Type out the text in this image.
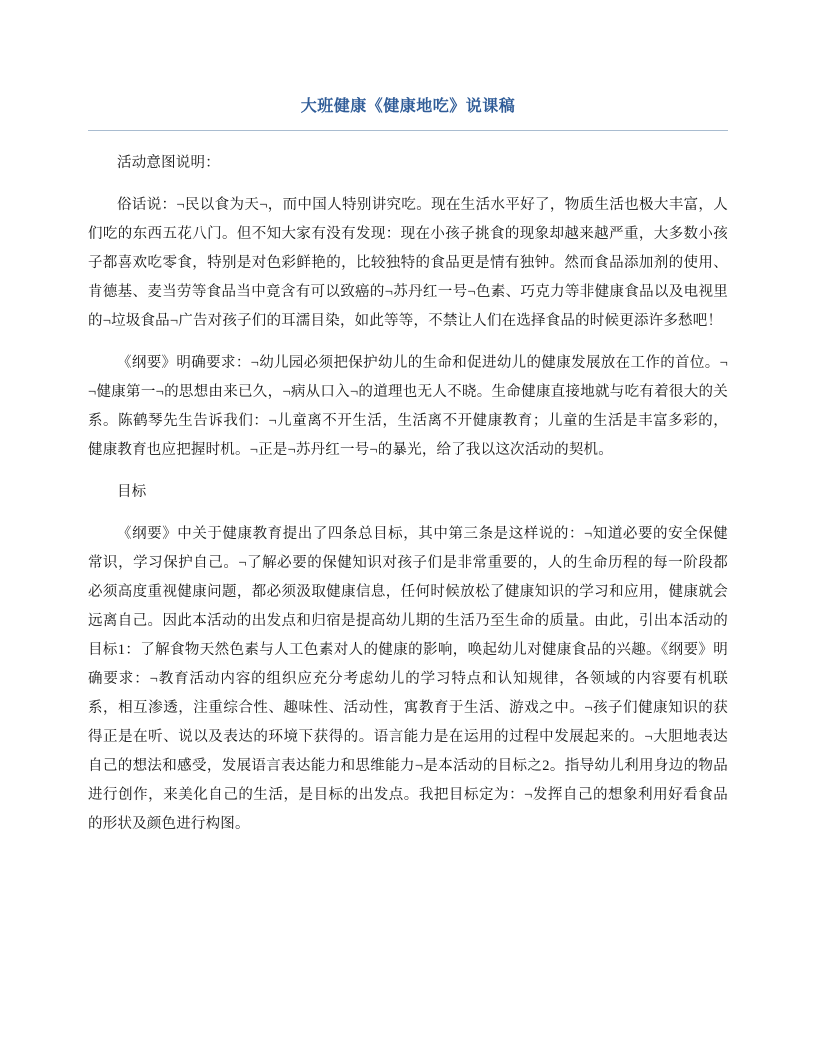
大班健康《健康地吃》说课稿

活动意图说明：

俗话说：¬民以食为天¬，而中国人特别讲究吃。现在生活水平好了，物质生活也极大丰富，人们吃的东西五花八门。但不知大家有没有发现：现在小孩子挑食的现象却越来越严重，大多数小孩子都喜欢吃零食，特别是对色彩鲜艳的，比较独特的食品更是情有独钟。然而食品添加剂的使用、肯德基、麦当劳等食品当中竟含有可以致癌的¬苏丹红一号¬色素、巧克力等非健康食品以及电视里的¬垃圾食品¬广告对孩子们的耳濡目染，如此等等，不禁让人们在选择食品的时候更添许多愁吧！

《纲要》明确要求：¬幼儿园必须把保护幼儿的生命和促进幼儿的健康发展放在工作的首位。¬¬健康第一¬的思想由来已久，¬病从口入¬的道理也无人不晓。生命健康直接地就与吃有着很大的关系。陈鹤琴先生告诉我们：¬儿童离不开生活，生活离不开健康教育；儿童的生活是丰富多彩的，健康教育也应把握时机。¬正是¬苏丹红一号¬的暴光，给了我以这次活动的契机。

目标

《纲要》中关于健康教育提出了四条总目标，其中第三条是这样说的：¬知道必要的安全保健常识，学习保护自己。¬了解必要的保健知识对孩子们是非常重要的，人的生命历程的每一阶段都必须高度重视健康问题，都必须汲取健康信息，任何时候放松了健康知识的学习和应用，健康就会远离自己。因此本活动的出发点和归宿是提高幼儿期的生活乃至生命的质量。由此，引出本活动的目标1：了解食物天然色素与人工色素对人的健康的影响，唤起幼儿对健康食品的兴趣。《纲要》明确要求：¬教育活动内容的组织应充分考虑幼儿的学习特点和认知规律，各领域的内容要有机联系，相互渗透，注重综合性、趣味性、活动性，寓教育于生活、游戏之中。¬孩子们健康知识的获得正是在听、说以及表达的环境下获得的。语言能力是在运用的过程中发展起来的。¬大胆地表达自己的想法和感受，发展语言表达能力和思维能力¬是本活动的目标之2。指导幼儿利用身边的物品进行创作，来美化自己的生活，是目标的出发点。我把目标定为：¬发挥自己的想象利用好看食品的形状及颜色进行构图。
